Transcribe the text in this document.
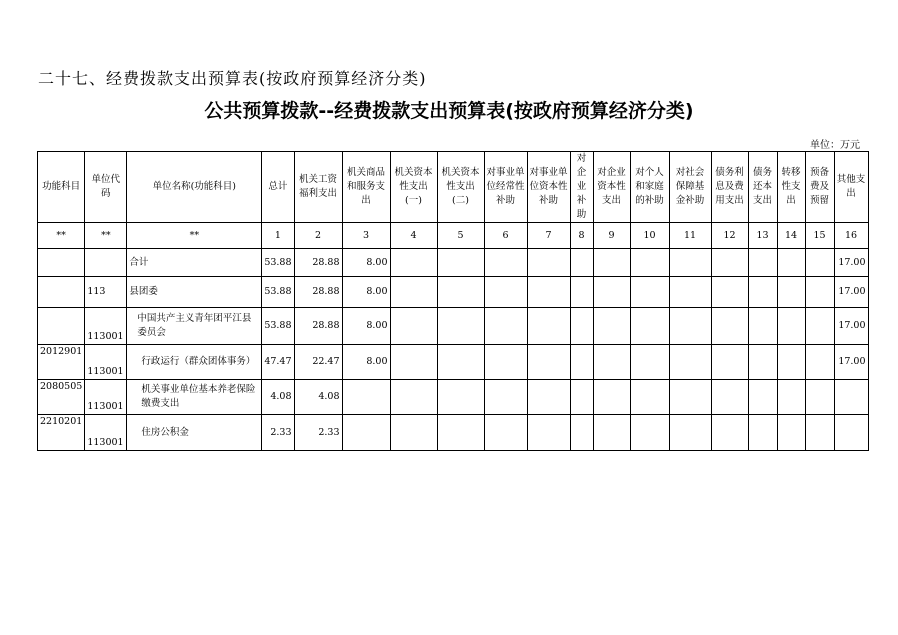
二十七、经费拨款支出预算表(按政府预算经济分类)
公共预算拨款--经费拨款支出预算表(按政府预算经济分类)
单位：万元
功能科目	单位代码	单位名称(功能科目)	总计	机关工资福利支出	机关商品和服务支出	机关资本性支出(一)	机关资本性支出(二)	对事业单位经常性补助	对事业单位资本性补助	对企业补助	对企业资本性支出	对个人和家庭的补助	对社会保障基金补助	债务利息及费用支出	债务还本支出	转移性支出	预备费及预留	其他支出
**	**	**	1	2	3	4	5	6	7	8	9	10	11	12	13	14	15	16
		合计	53.88	28.88	8.00													17.00
	113	县团委	53.88	28.88	8.00													17.00
	113001	中国共产主义青年团平江县委员会	53.88	28.88	8.00													17.00
2012901	113001	行政运行（群众团体事务）	47.47	22.47	8.00													17.00
2080505	113001	机关事业单位基本养老保险缴费支出	4.08	4.08														
2210201	113001	住房公积金	2.33	2.33														
